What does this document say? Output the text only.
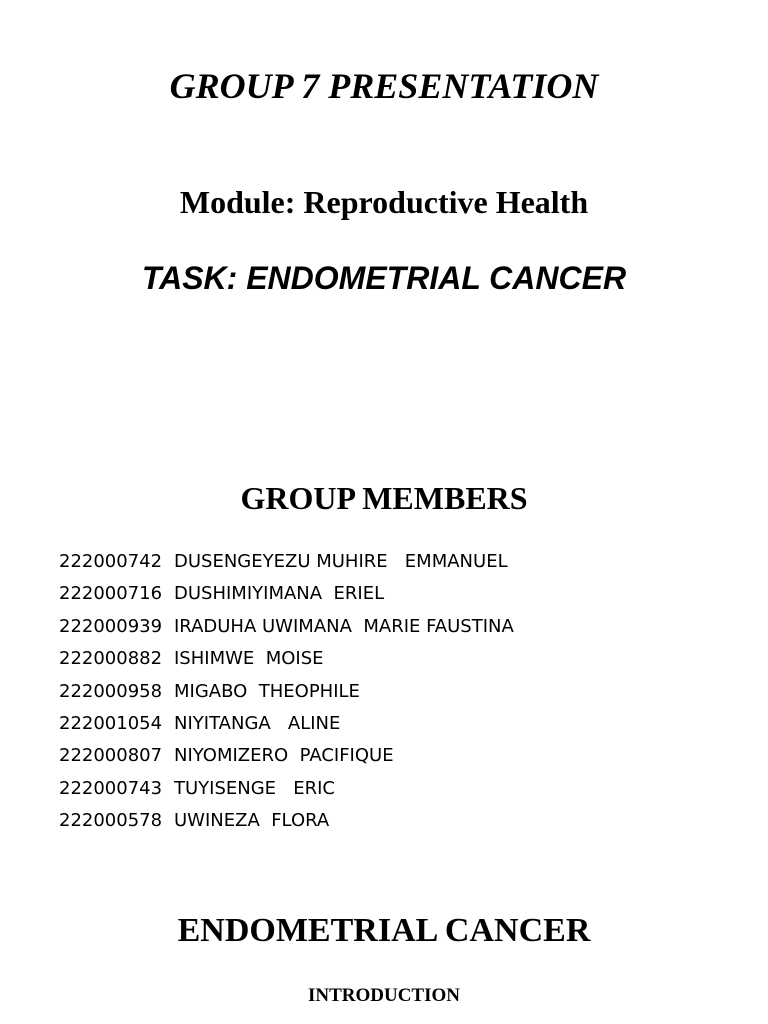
GROUP 7 PRESENTATION
Module: Reproductive Health
TASK: ENDOMETRIAL CANCER
GROUP MEMBERS
222000742 DUSENGEYEZU MUHIRE   EMMANUEL
222000716 DUSHIMIYIMANA  ERIEL
222000939 IRADUHA UWIMANA  MARIE FAUSTINA
222000882 ISHIMWE  MOISE
222000958 MIGABO  THEOPHILE
222001054 NIYITANGA   ALINE
222000807 NIYOMIZERO  PACIFIQUE
222000743 TUYISENGE   ERIC
222000578 UWINEZA  FLORA
ENDOMETRIAL CANCER
INTRODUCTION
